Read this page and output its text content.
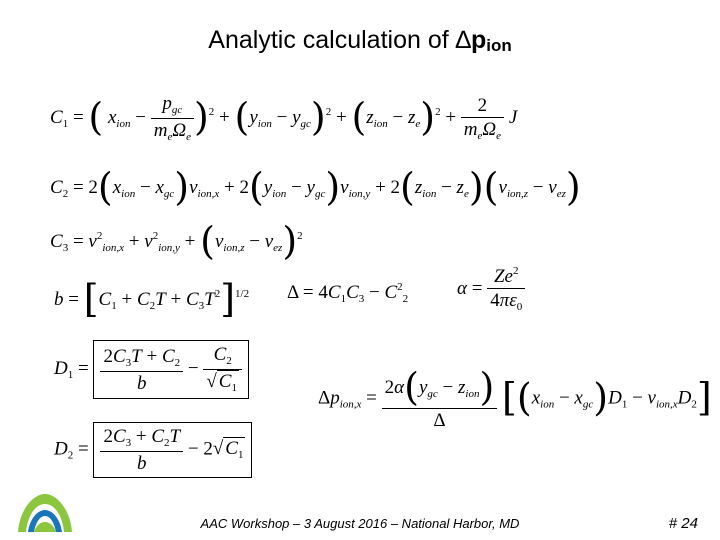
Analytic calculation of $\Delta p_{ion}$
$C_1$ = ( $x_{ion} - \frac{p_{gc}}{m_e\Omega_e} )^2 + (y_{ion} - y_{gc})^2 + (z_{ion} - z_e)^2 + \frac{2}{m_e\Omega_e}$ J
$C_2 = 2(x_{ion} - x_{gc})v_{ion,x} + 2(y_{ion} - y_{gc})v_{ion,y} + 2(z_{ion} - z_e)(v_{ion,z} - v_{ez})$
$C_3 = v^2_{ion,x} + v^2_{ion,y} + (v_{ion,z} - v_{ez})^2$
$b = [C_1 + C_2T + C_3T^2]^{1/2}$ $\Delta = 4C_1C_3 - C^2_2$
$\alpha = \frac{Ze^2}{4\pi\varepsilon_0}$
$D_1 = \frac{2C_3T + C_2}{b} - \frac{C_2}{√ C_1}$
$\Delta p_{ion,x} = \frac{2\alpha(y_{gc} - z_{ion})}{\Delta} [(x_{ion} - x_{gc})D_1 - v_{ion,x}D_2]$
$D_2 = \frac{2C_3 + C_2T}{b} - 2√$ $C_1$
AAC Workshop – 3 August 2016 – National Harbor, MD	# 24
